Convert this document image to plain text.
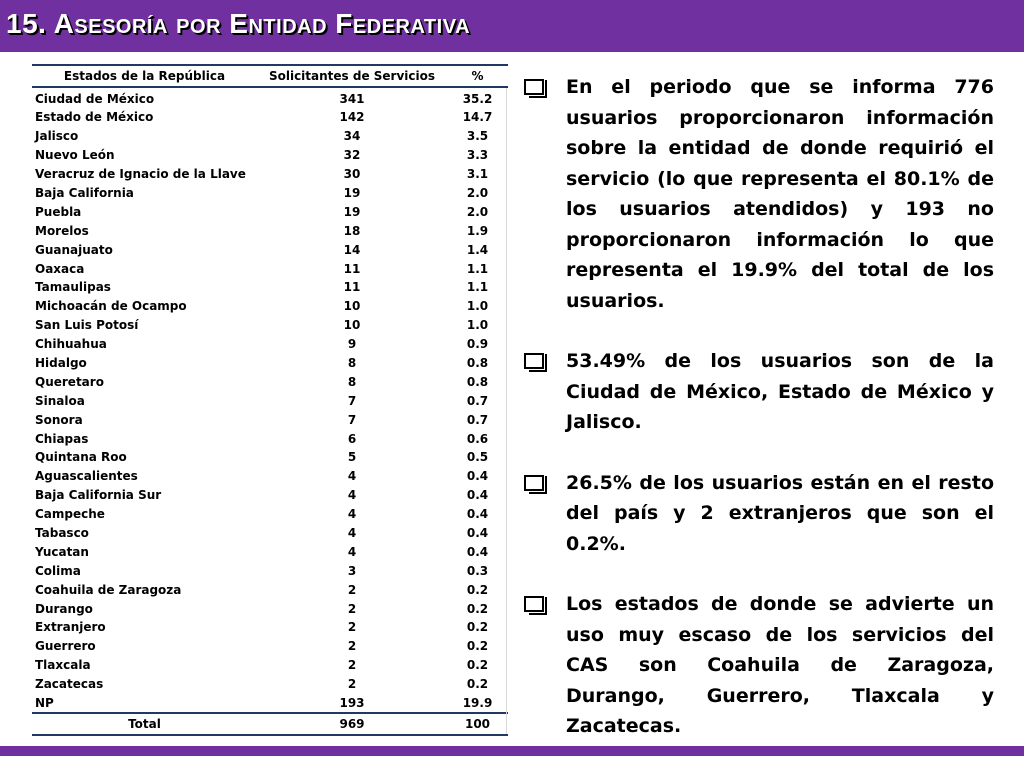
15. Asesoría por Entidad Federativa
Estados de la República	Solicitantes de Servicios	%
Ciudad de México	341	35.2
Estado de México	142	14.7
Jalisco	34	3.5
Nuevo León	32	3.3
Veracruz de Ignacio de la Llave	30	3.1
Baja California	19	2.0
Puebla	19	2.0
Morelos	18	1.9
Guanajuato	14	1.4
Oaxaca	11	1.1
Tamaulipas	11	1.1
Michoacán de Ocampo	10	1.0
San Luis Potosí	10	1.0
Chihuahua	9	0.9
Hidalgo	8	0.8
Queretaro	8	0.8
Sinaloa	7	0.7
Sonora	7	0.7
Chiapas	6	0.6
Quintana Roo	5	0.5
Aguascalientes	4	0.4
Baja California Sur	4	0.4
Campeche	4	0.4
Tabasco	4	0.4
Yucatan	4	0.4
Colima	3	0.3
Coahuila de Zaragoza	2	0.2
Durango	2	0.2
Extranjero	2	0.2
Guerrero	2	0.2
Tlaxcala	2	0.2
Zacatecas	2	0.2
NP	193	19.9
Total	969	100
En el periodo que se informa 776 usuarios proporcionaron información sobre la entidad de donde requirió el servicio (lo que representa el 80.1% de los usuarios atendidos) y 193 no proporcionaron información lo que representa el 19.9% del total de los usuarios.
53.49% de los usuarios son de la Ciudad de México, Estado de México y Jalisco.
26.5% de los usuarios están en el resto del país y 2 extranjeros que son el 0.2%.
Los estados de donde se advierte un uso muy escaso de los servicios del CAS son Coahuila de Zaragoza, Durango, Guerrero, Tlaxcala y Zacatecas.
